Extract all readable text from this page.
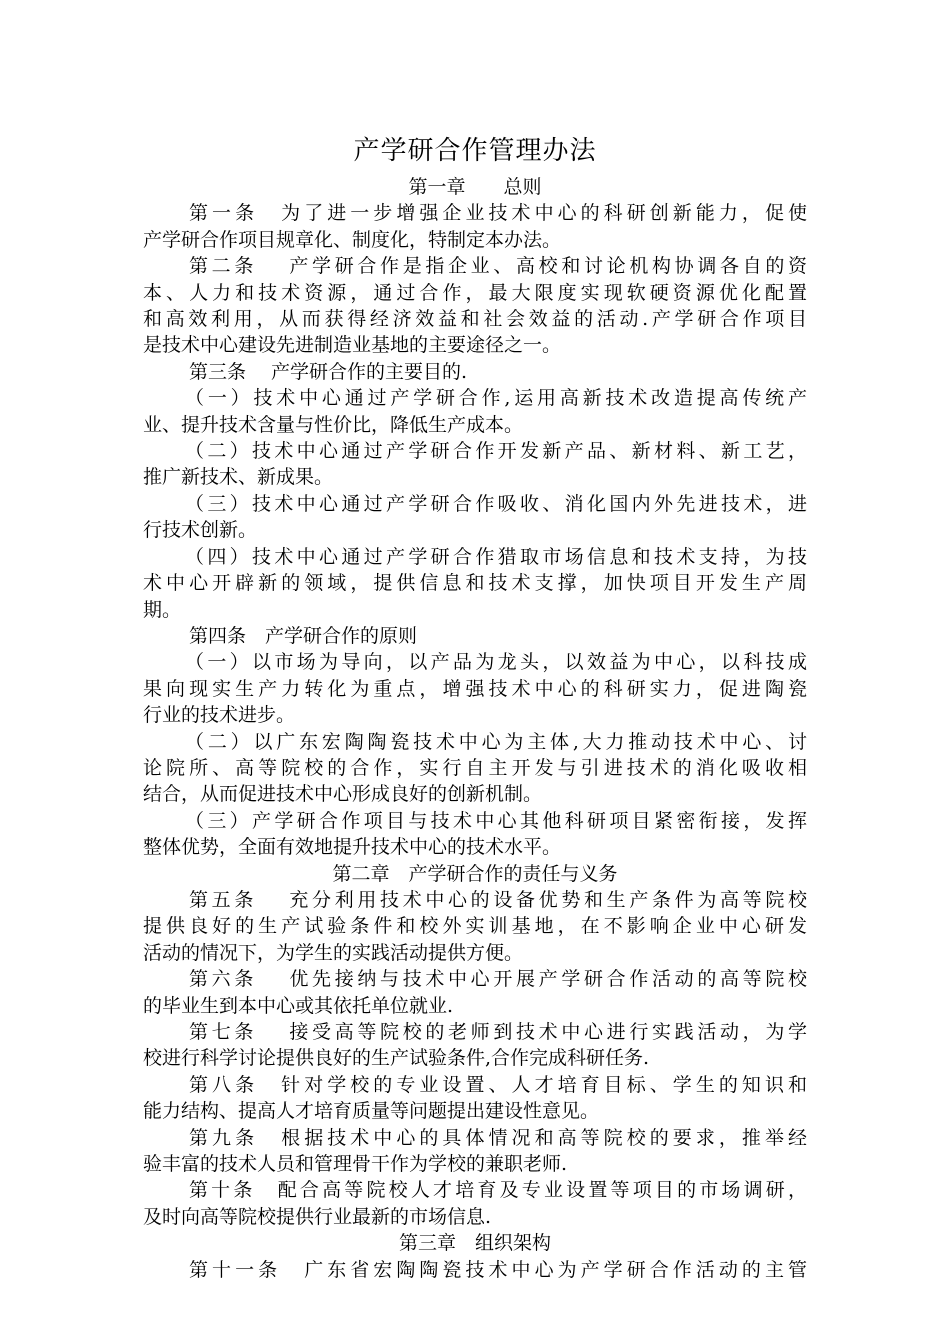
产学研合作管理办法
第一章　　总则
第一条　为了进一步增强企业技术中心的科研创新能力，促使
产学研合作项目规章化、制度化，特制定本办法。
第二条　 产学研合作是指企业、高校和讨论机构协调各自的资
本、人力和技术资源，通过合作，最大限度实现软硬资源优化配置
和高效利用，从而获得经济效益和社会效益的活动.产学研合作项目
是技术中心建设先进制造业基地的主要途径之一。
第三条　 产学研合作的主要目的.
（一）技术中心通过产学研合作,运用高新技术改造提高传统产
业、提升技术含量与性价比，降低生产成本。
（二）技术中心通过产学研合作开发新产品、新材料、新工艺，
推广新技术、新成果。
（三）技术中心通过产学研合作吸收、消化国内外先进技术，进
行技术创新。
（四）技术中心通过产学研合作猎取市场信息和技术支持，为技
术中心开辟新的领域，提供信息和技术支撑，加快项目开发生产周
期。
第四条　产学研合作的原则
（一）以市场为导向，以产品为龙头，以效益为中心，以科技成
果向现实生产力转化为重点，增强技术中心的科研实力，促进陶瓷
行业的技术进步。
（二）以广东宏陶陶瓷技术中心为主体,大力推动技术中心、讨
论院所、高等院校的合作，实行自主开发与引进技术的消化吸收相
结合，从而促进技术中心形成良好的创新机制。
（三）产学研合作项目与技术中心其他科研项目紧密衔接，发挥
整体优势，全面有效地提升技术中心的技术水平。
第二章　产学研合作的责任与义务
第五条　 充分利用技术中心的设备优势和生产条件为高等院校
提供良好的生产试验条件和校外实训基地，在不影响企业中心研发
活动的情况下，为学生的实践活动提供方便。
第六条　 优先接纳与技术中心开展产学研合作活动的高等院校
的毕业生到本中心或其依托单位就业.
第七条　 接受高等院校的老师到技术中心进行实践活动，为学
校进行科学讨论提供良好的生产试验条件,合作完成科研任务.
第八条　针对学校的专业设置、人才培育目标、学生的知识和
能力结构、提高人才培育质量等问题提出建设性意见。
第九条　根据技术中心的具体情况和高等院校的要求，推举经
验丰富的技术人员和管理骨干作为学校的兼职老师.
第十条　配合高等院校人才培育及专业设置等项目的市场调研，
及时向高等院校提供行业最新的市场信息.
第三章　组织架构
第十一条　广东省宏陶陶瓷技术中心为产学研合作活动的主管
